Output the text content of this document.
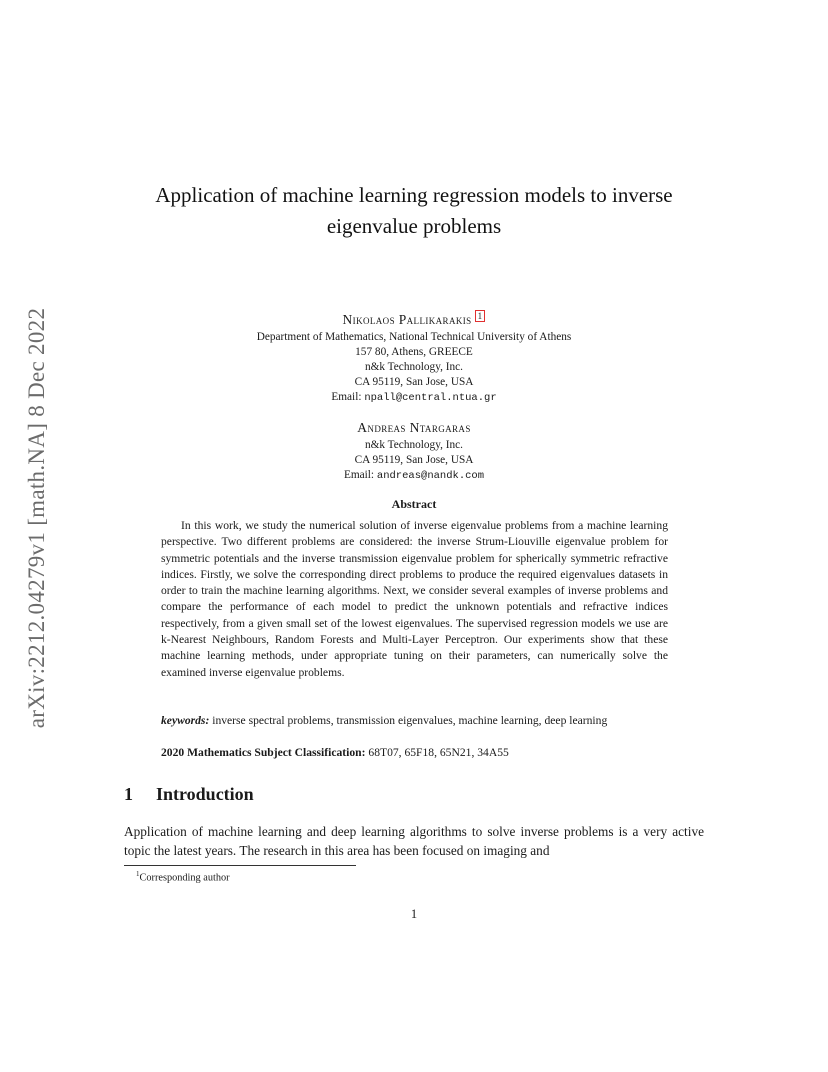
arXiv:2212.04279v1 [math.NA] 8 Dec 2022
Application of machine learning regression models to inverse
eigenvalue problems
Nikolaos Pallikarakis 1
Department of Mathematics, National Technical University of Athens
157 80, Athens, GREECE
n&k Technology, Inc.
CA 95119, San Jose, USA
Email: npall@central.ntua.gr
Andreas Ntargaras
n&k Technology, Inc.
CA 95119, San Jose, USA
Email: andreas@nandk.com
Abstract
In this work, we study the numerical solution of inverse eigenvalue problems from a machine learning perspective. Two different problems are considered: the inverse Strum-Liouville eigenvalue problem for symmetric potentials and the inverse transmission eigenvalue problem for spherically symmetric refractive indices. Firstly, we solve the corresponding direct problems to produce the required eigenvalues datasets in order to train the machine learning algorithms. Next, we consider several examples of inverse problems and compare the performance of each model to predict the unknown potentials and refractive indices respectively, from a given small set of the lowest eigenvalues. The supervised regression models we use are k-Nearest Neighbours, Random Forests and Multi-Layer Perceptron. Our experiments show that these machine learning methods, under appropriate tuning on their parameters, can numerically solve the examined inverse eigenvalue problems.
keywords: inverse spectral problems, transmission eigenvalues, machine learning, deep learning
2020 Mathematics Subject Classification: 68T07, 65F18, 65N21, 34A55
1 Introduction
Application of machine learning and deep learning algorithms to solve inverse problems is a very active topic the latest years. The research in this area has been focused on imaging and
$^1$Corresponding author
1
